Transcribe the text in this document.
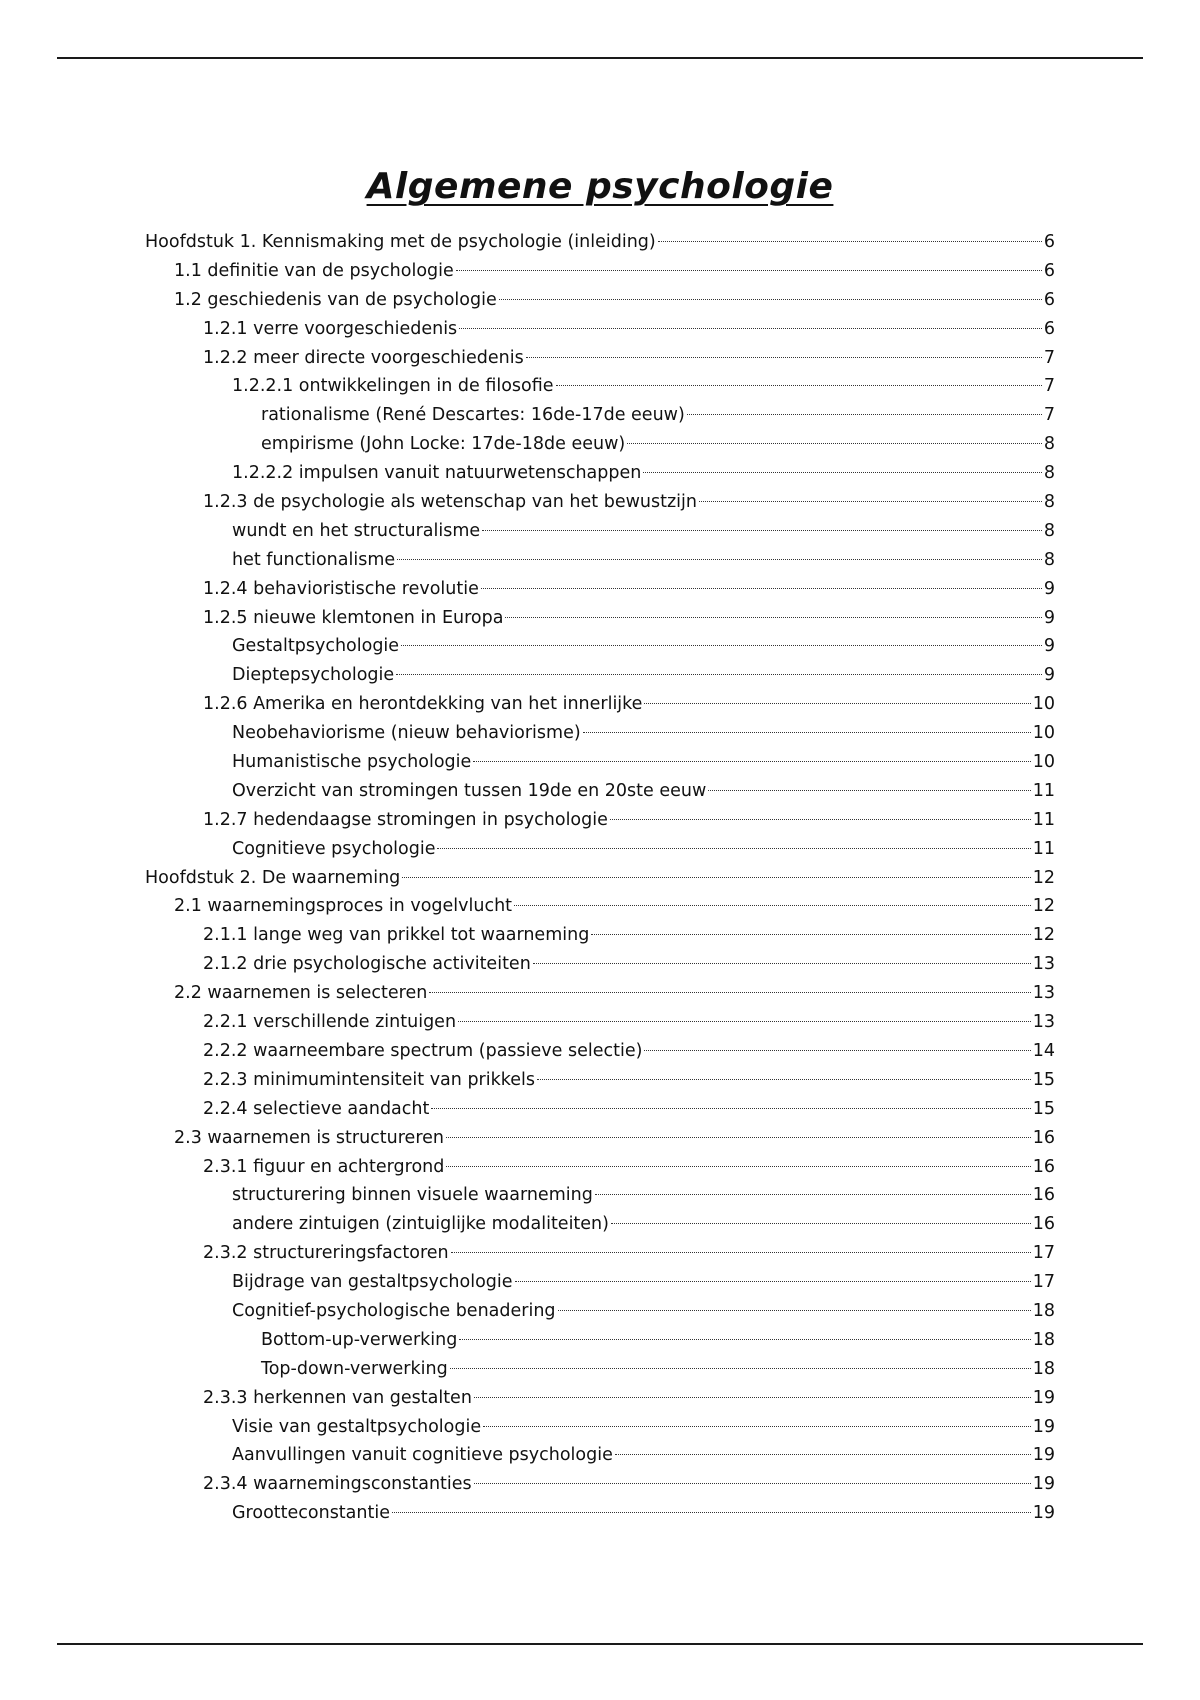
Algemene psychologie
Hoofdstuk 1. Kennismaking met de psychologie (inleiding)	6
1.1 definitie van de psychologie	6
1.2 geschiedenis van de psychologie	6
1.2.1 verre voorgeschiedenis	6
1.2.2 meer directe voorgeschiedenis	7
1.2.2.1 ontwikkelingen in de filosofie	7
rationalisme (René Descartes: 16de-17de eeuw)	7
empirisme (John Locke: 17de-18de eeuw)	8
1.2.2.2 impulsen vanuit natuurwetenschappen	8
1.2.3 de psychologie als wetenschap van het bewustzijn	8
wundt en het structuralisme	8
het functionalisme	8
1.2.4 behavioristische revolutie	9
1.2.5 nieuwe klemtonen in Europa	9
Gestaltpsychologie	9
Dieptepsychologie	9
1.2.6 Amerika en herontdekking van het innerlijke	10
Neobehaviorisme (nieuw behaviorisme)	10
Humanistische psychologie	10
Overzicht van stromingen tussen 19de en 20ste eeuw	11
1.2.7 hedendaagse stromingen in psychologie	11
Cognitieve psychologie	11
Hoofdstuk 2. De waarneming	12
2.1 waarnemingsproces in vogelvlucht	12
2.1.1 lange weg van prikkel tot waarneming	12
2.1.2 drie psychologische activiteiten	13
2.2 waarnemen is selecteren	13
2.2.1 verschillende zintuigen	13
2.2.2 waarneembare spectrum (passieve selectie)	14
2.2.3 minimumintensiteit van prikkels	15
2.2.4 selectieve aandacht	15
2.3 waarnemen is structureren	16
2.3.1 figuur en achtergrond	16
structurering binnen visuele waarneming	16
andere zintuigen (zintuiglijke modaliteiten)	16
2.3.2 structureringsfactoren	17
Bijdrage van gestaltpsychologie	17
Cognitief-psychologische benadering	18
Bottom-up-verwerking	18
Top-down-verwerking	18
2.3.3 herkennen van gestalten	19
Visie van gestaltpsychologie	19
Aanvullingen vanuit cognitieve psychologie	19
2.3.4 waarnemingsconstanties	19
Grootteconstantie	19
